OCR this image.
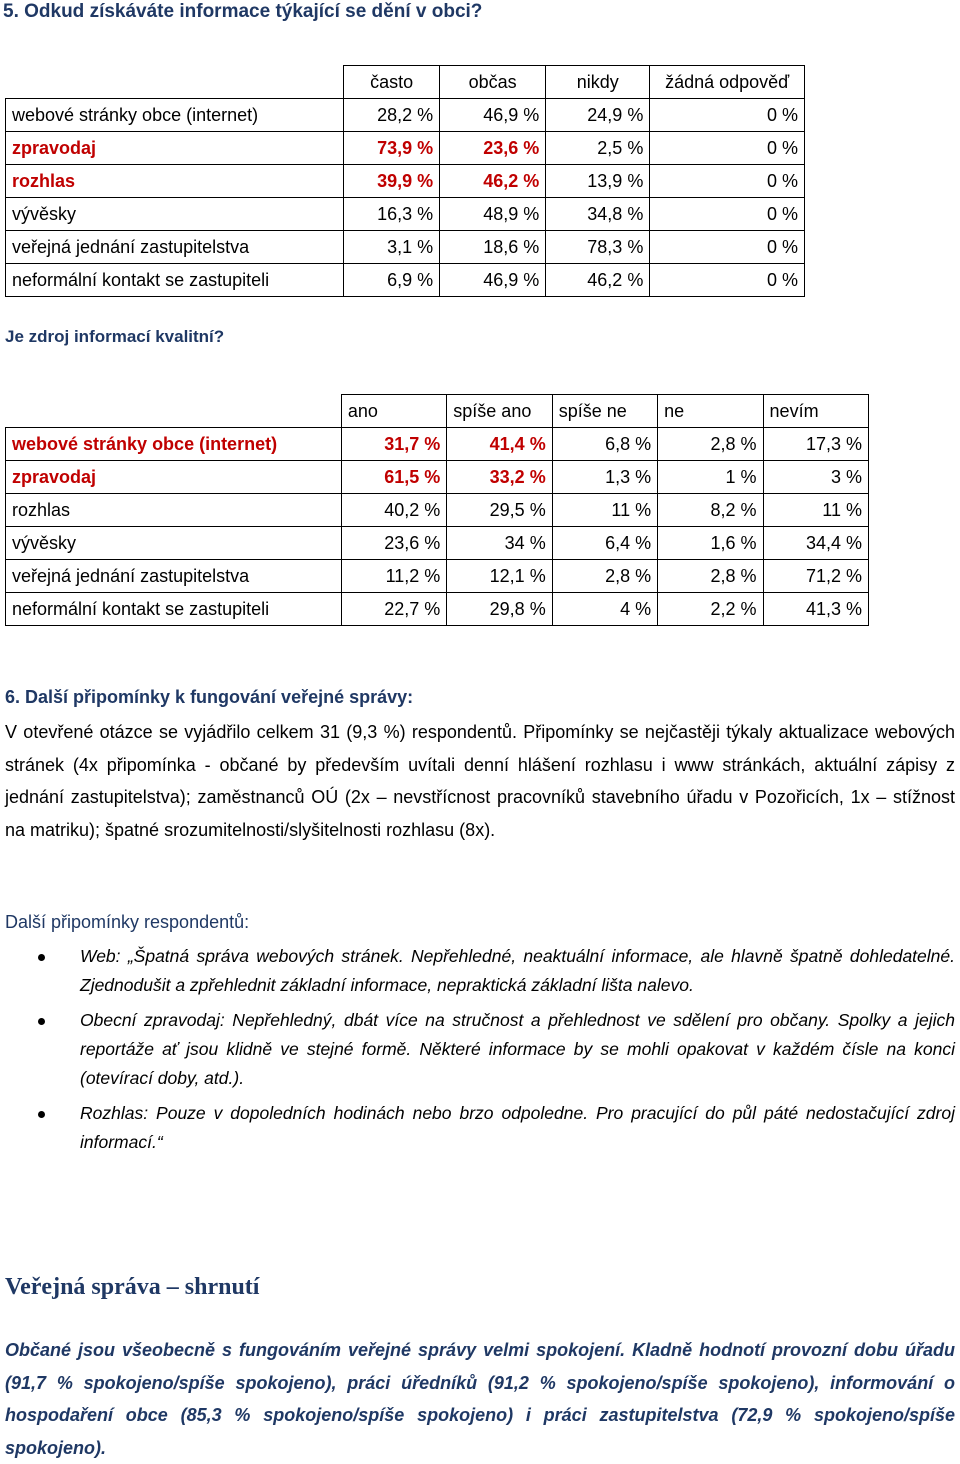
5. Odkud získáváte informace týkající se dění v obci?
	často	občas	nikdy	žádná odpověď
webové stránky obce (internet)	28,2 %	46,9 %	24,9 %	0 %
zpravodaj	73,9 %	23,6 %	2,5 %	0 %
rozhlas	39,9 %	46,2 %	13,9 %	0 %
vývěsky	16,3 %	48,9 %	34,8 %	0 %
veřejná jednání zastupitelstva	3,1 %	18,6 %	78,3 %	0 %
neformální kontakt se zastupiteli	6,9 %	46,9 %	46,2 %	0 %
Je zdroj informací kvalitní?
	ano	spíše ano	spíše ne	ne	nevím
webové stránky obce (internet)	31,7 %	41,4 %	6,8 %	2,8 %	17,3 %
zpravodaj	61,5 %	33,2 %	1,3 %	1 %	3 %
rozhlas	40,2 %	29,5 %	11 %	8,2 %	11 %
vývěsky	23,6 %	34 %	6,4 %	1,6 %	34,4 %
veřejná jednání zastupitelstva	11,2 %	12,1 %	2,8 %	2,8 %	71,2 %
neformální kontakt se zastupiteli	22,7 %	29,8 %	4 %	2,2 %	41,3 %
6. Další připomínky k fungování veřejné správy:
V otevřené otázce se vyjádřilo celkem 31 (9,3 %) respondentů. Připomínky se nejčastěji týkaly aktualizace webových stránek (4x připomínka - občané by především uvítali denní hlášení rozhlasu i www stránkách, aktuální zápisy z jednání zastupitelstva); zaměstnanců OÚ (2x – nevstřícnost pracovníků stavebního úřadu v Pozořicích, 1x – stížnost na matriku); špatné srozumitelnosti/slyšitelnosti rozhlasu (8x).
Další připomínky respondentů:
Web: „Špatná správa webových stránek. Nepřehledné, neaktuální informace, ale hlavně špatně dohledatelné. Zjednodušit a zpřehlednit základní informace, nepraktická základní lišta nalevo.
Obecní zpravodaj: Nepřehledný, dbát více na stručnost a přehlednost ve sdělení pro občany. Spolky a jejich reportáže ať jsou klidně ve stejné formě. Některé informace by se mohli opakovat v každém čísle na konci (otevírací doby, atd.).
Rozhlas: Pouze v dopoledních hodinách nebo brzo odpoledne. Pro pracující do půl páté nedostačující zdroj informací.“
Veřejná správa – shrnutí
Občané jsou všeobecně s fungováním veřejné správy velmi spokojení. Kladně hodnotí provozní dobu úřadu (91,7 % spokojeno/spíše spokojeno), práci úředníků (91,2 % spokojeno/spíše spokojeno), informování o hospodaření obce (85,3 % spokojeno/spíše spokojeno) i práci zastupitelstva (72,9 % spokojeno/spíše spokojeno).
